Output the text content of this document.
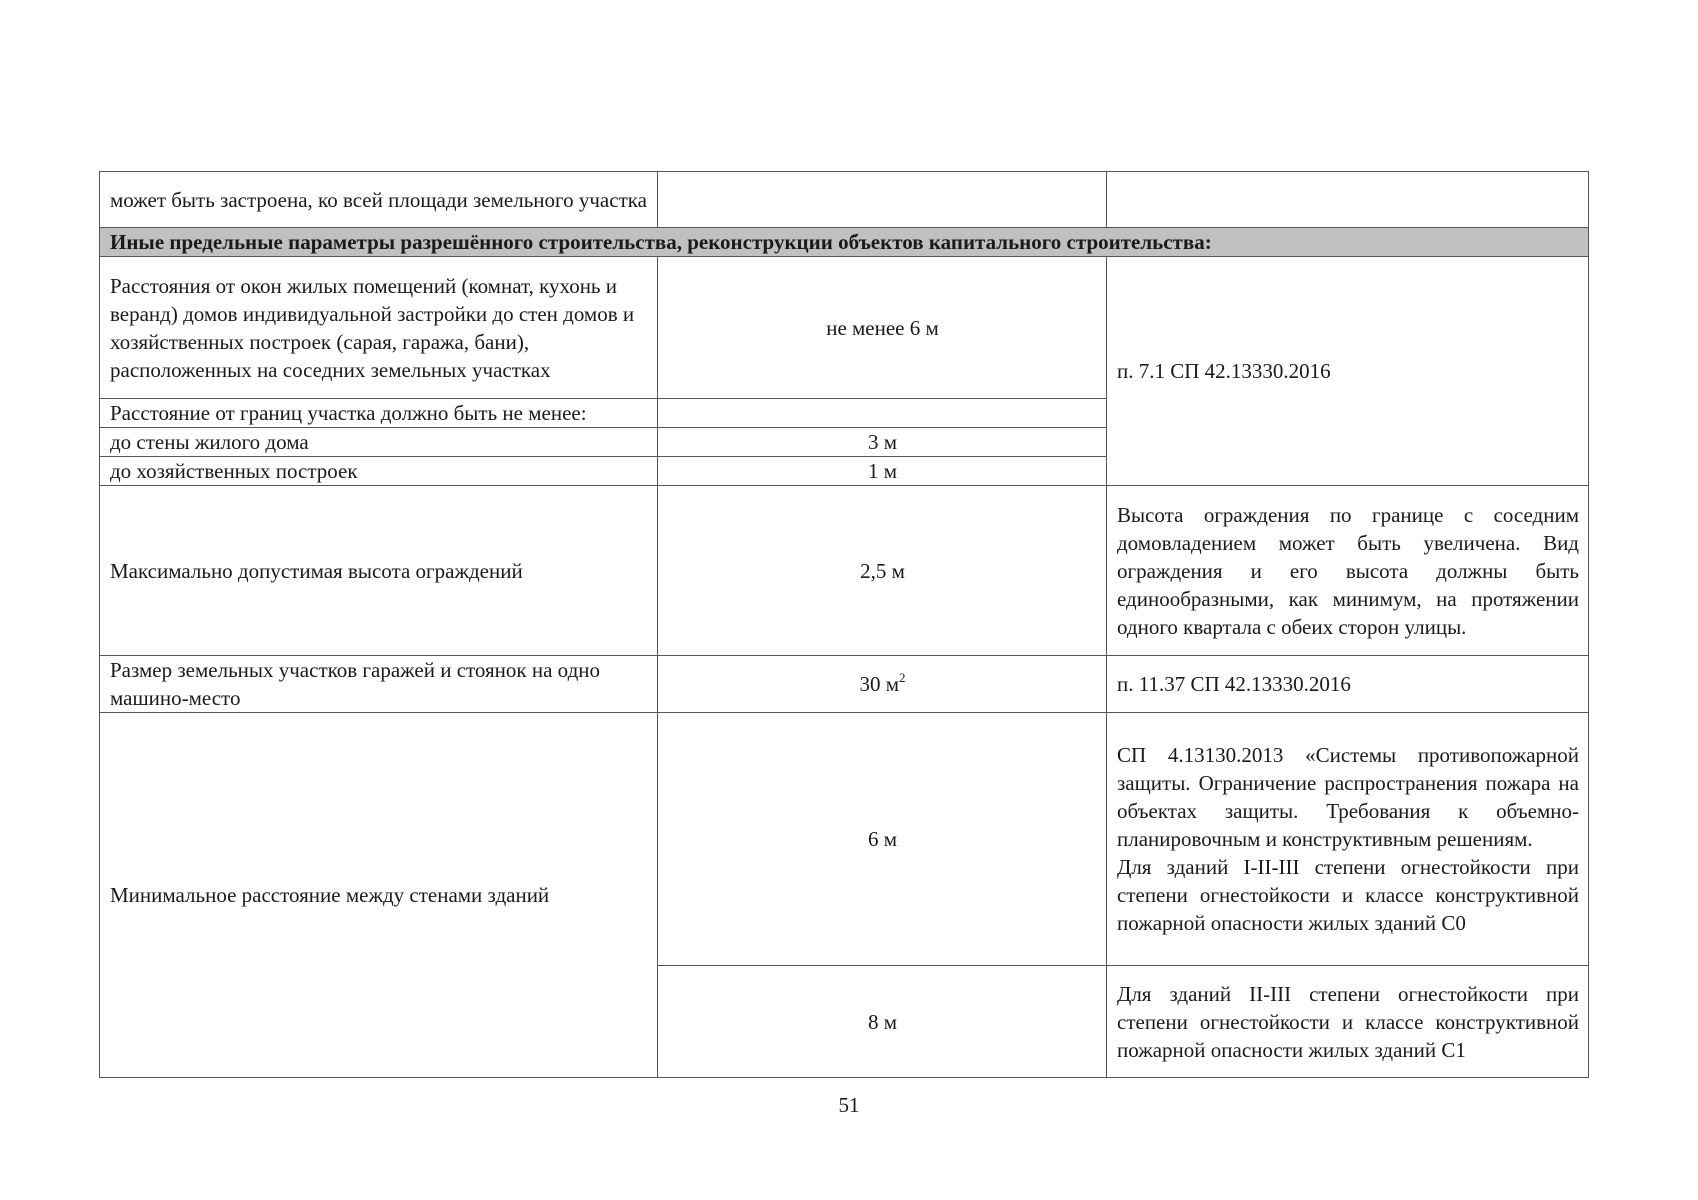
может быть застроена, ко всей площади земельного участка		
Иные предельные параметры разрешённого строительства, реконструкции объектов капитального строительства:		
Расстояния от окон жилых помещений (комнат, кухонь и веранд) домов индивидуальной застройки до стен домов и хозяйственных построек (сарая, гаража, бани), расположенных на соседних земельных участках	не менее 6 м	п. 7.1 СП 42.13330.2016
Расстояние от границ участка должно быть не менее:		
до стены жилого дома	3 м	
до хозяйственных построек	1 м	
Максимально допустимая высота ограждений	2,5 м	Высота ограждения по границе с соседним домовладением может быть увеличена. Вид ограждения и его высота должны быть единообразными, как минимум, на протяжении одного квартала с обеих сторон улицы.
Размер земельных участков гаражей и стоянок на одно машино-место	30 $м^2$	п. 11.37 СП 42.13330.2016
Минимальное расстояние между стенами зданий	6 м	СП 4.13130.2013 «Системы противопожарной защиты. Ограничение распространения пожара на объектах защиты. Требования к объемно-планировочным и конструктивным решениям.
Для зданий I-II-III степени огнестойкости при степени огнестойкости и классе конструктивной пожарной опасности жилых зданий С0

	8 м	Для зданий II-III степени огнестойкости при степени огнестойкости и классе конструктивной пожарной опасности жилых зданий С1
51
